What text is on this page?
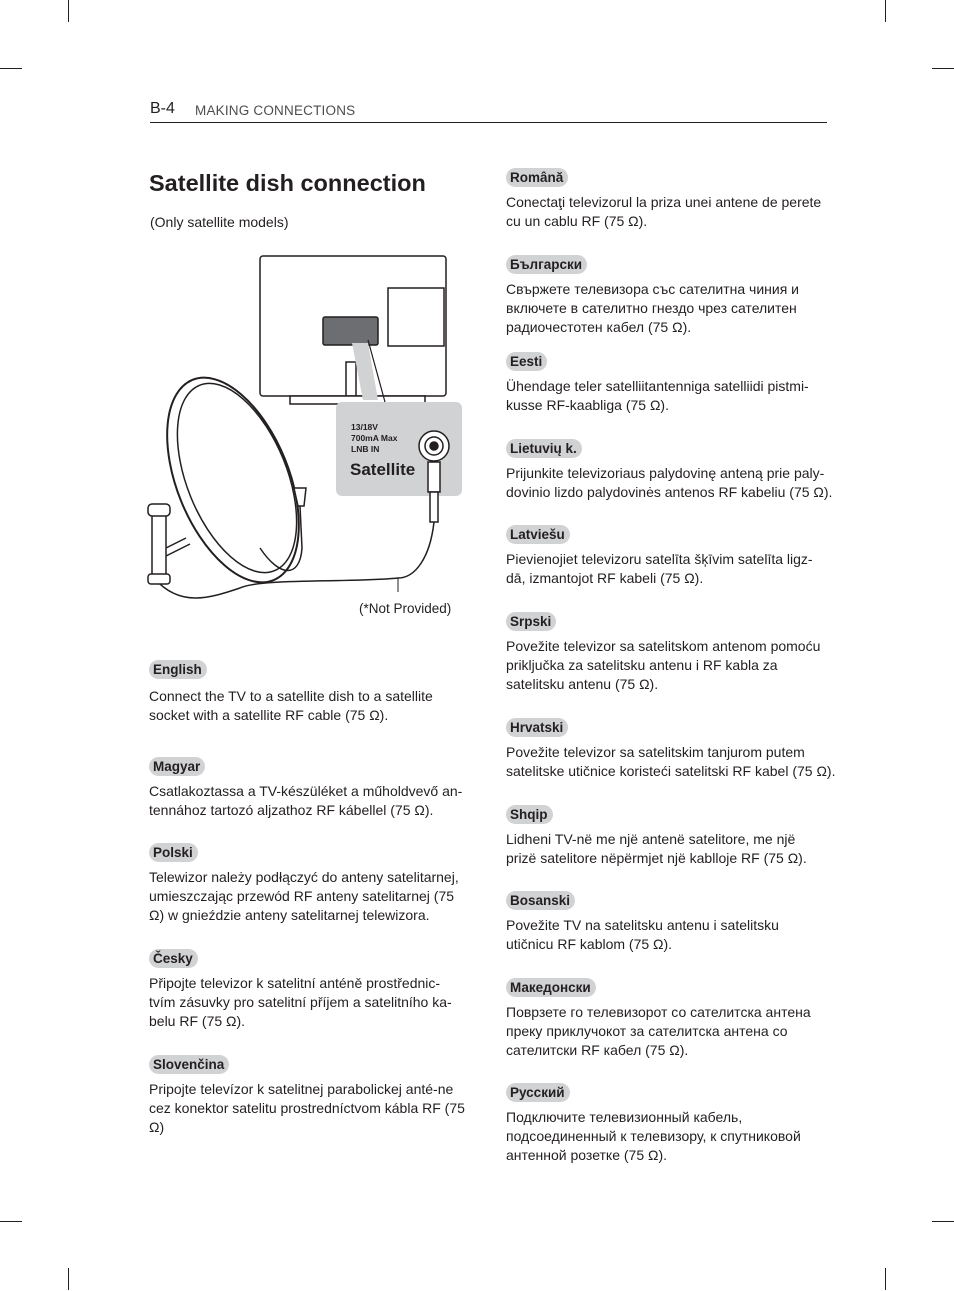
B-4 MAKING CONNECTIONS
Satellite dish connection
(Only satellite models)
13/18V
700mA Max
LNB IN
Satellite
(*Not Provided)
English
Connect the TV to a satellite dish to a satellite socket with a satellite RF cable (75 Ω).
Magyar
Csatlakoztassa a TV-készüléket a műholdvevő an-tennához tartozó aljzathoz RF kábellel (75 Ω).
Polski
Telewizor należy podłączyć do anteny satelitarnej, umieszczając przewód RF anteny satelitarnej (75 Ω) w gnieździe anteny satelitarnej telewizora.
Česky
Připojte televizor k satelitní anténě prostřednic-tvím zásuvky pro satelitní příjem a satelitního ka-belu RF (75 Ω).
Slovenčina
Pripojte televízor k satelitnej parabolickej anté-ne cez konektor satelitu prostredníctvom kábla RF (75 Ω)
Română
Conectaţi televizorul la priza unei antene de perete cu un cablu RF (75 Ω).
Български
Свържете телевизора със сателитна чиния и включете в сателитно гнездо чрез сателитен радиочестотен кабел (75 Ω).
Eesti
Ühendage teler satelliitantenniga satelliidi pistmi-kusse RF-kaabliga (75 Ω).
Lietuvių k.
Prijunkite televizoriaus palydovinę anteną prie paly-dovinio lizdo palydovinės antenos RF kabeliu (75 Ω).
Latviešu
Pievienojiet televizoru satelīta šķīvim satelīta ligz-dā, izmantojot RF kabeli (75 Ω).
Srpski
Povežite televizor sa satelitskom antenom pomoću priključka za satelitsku antenu i RF kabla za satelitsku antenu (75 Ω).
Hrvatski
Povežite televizor sa satelitskim tanjurom putem satelitske utičnice koristeći satelitski RF kabel (75 Ω).
Shqip
Lidheni TV-në me një antenë satelitore, me një prizë satelitore nëpërmjet një kablloje RF (75 Ω).
Bosanski
Povežite TV na satelitsku antenu i satelitsku utičnicu RF kablom (75 Ω).
Македонски
Поврзете го телевизорот со сателитска антена преку приклучокот за сателитска антена со сателитски RF кабел (75 Ω).
Русский
Подключите телевизионный кабель, подсоединенный к телевизору, к спутниковой антенной розетке (75 Ω).
